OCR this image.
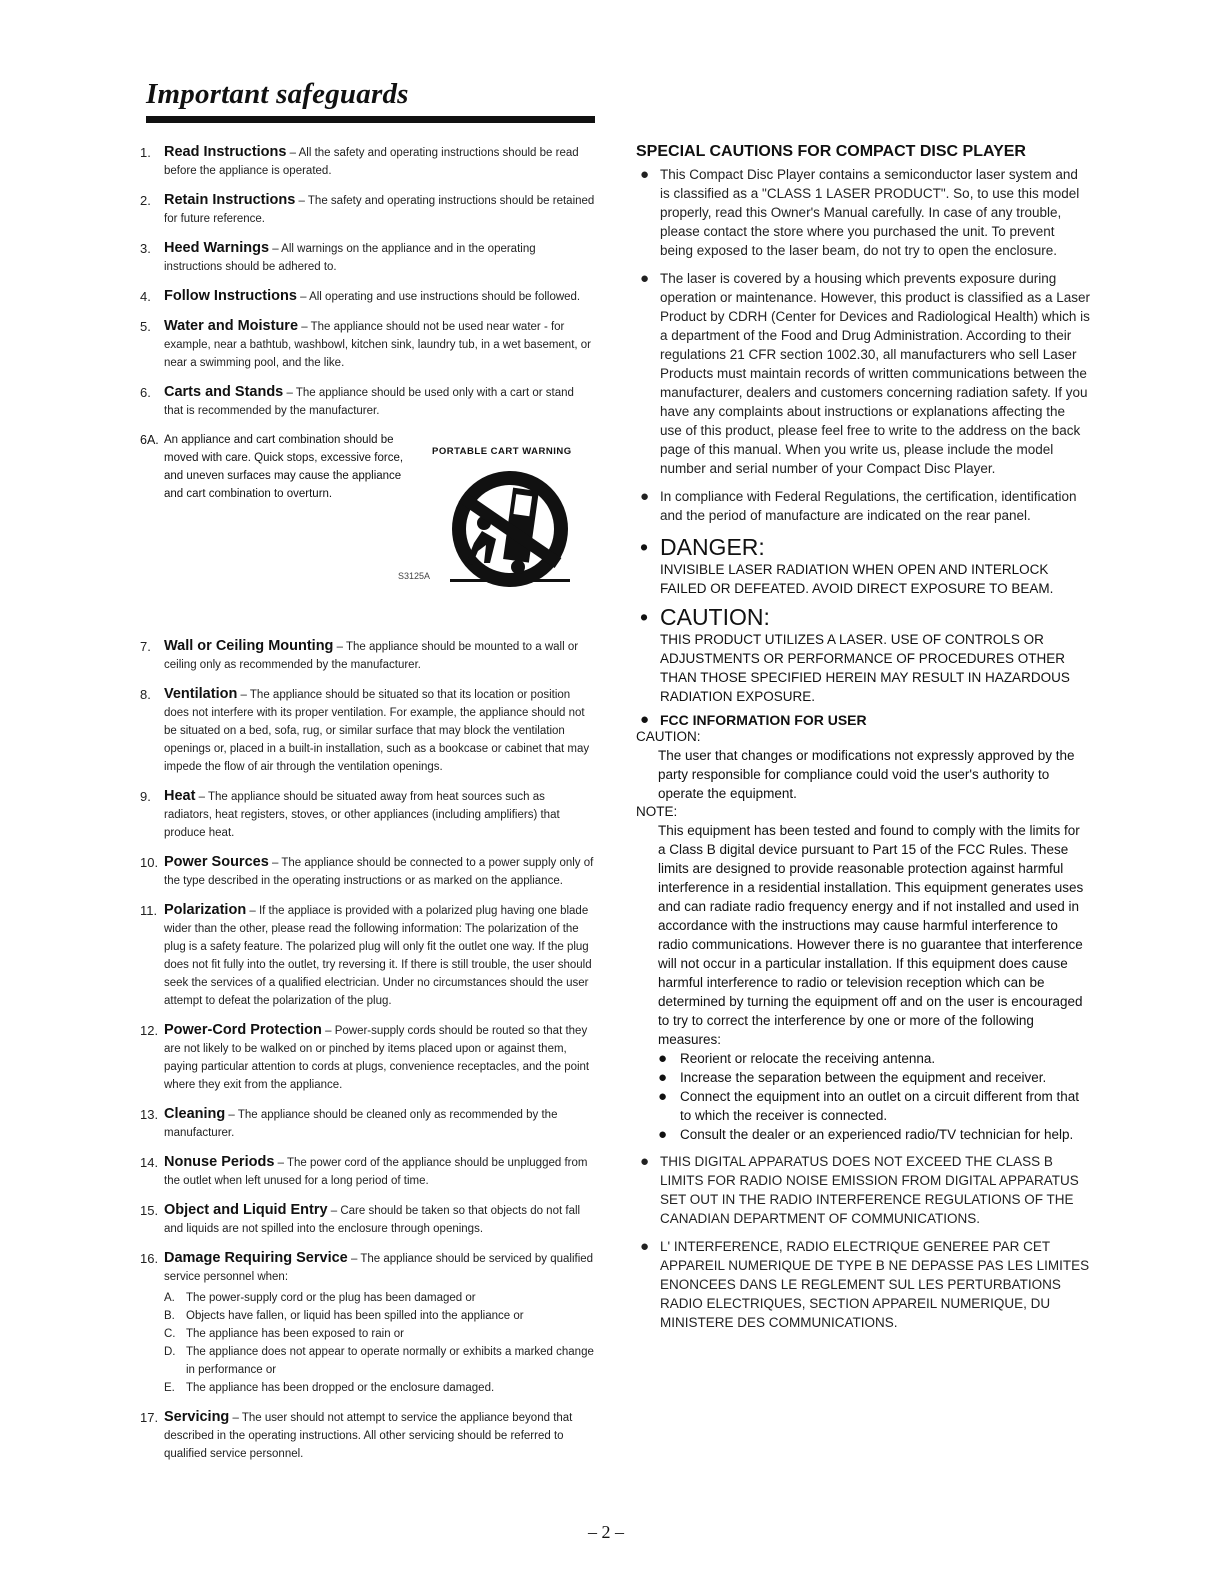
Important safeguards
1. Read Instructions – All the safety and operating instructions should be read before the appliance is operated.
2. Retain Instructions – The safety and operating instructions should be retained for future reference.
3. Heed Warnings – All warnings on the appliance and in the operating instructions should be adhered to.
4. Follow Instructions – All operating and use instructions should be followed.
5. Water and Moisture – The appliance should not be used near water - for example, near a bathtub, washbowl, kitchen sink, laundry tub, in a wet basement, or near a swimming pool, and the like.
6. Carts and Stands – The appliance should be used only with a cart or stand that is recommended by the manufacturer.
6A. An appliance and cart combination should be moved with care. Quick stops, excessive force, and uneven surfaces may cause the appliance and cart combination to overturn.
PORTABLE CART WARNING
S3125A
7. Wall or Ceiling Mounting – The appliance should be mounted to a wall or ceiling only as recommended by the manufacturer.
8. Ventilation – The appliance should be situated so that its location or position does not interfere with its proper ventilation. For example, the appliance should not be situated on a bed, sofa, rug, or similar surface that may block the ventilation openings or, placed in a built-in installation, such as a bookcase or cabinet that may impede the flow of air through the ventilation openings.
9. Heat – The appliance should be situated away from heat sources such as radiators, heat registers, stoves, or other appliances (including amplifiers) that produce heat.
10. Power Sources – The appliance should be connected to a power supply only of the type described in the operating instructions or as marked on the appliance.
11. Polarization – If the appliace is provided with a polarized plug having one blade wider than the other, please read the following information: The polarization of the plug is a safety feature. The polarized plug will only fit the outlet one way. If the plug does not fit fully into the outlet, try reversing it. If there is still trouble, the user should seek the services of a qualified electrician. Under no circumstances should the user attempt to defeat the polarization of the plug.
12. Power-Cord Protection – Power-supply cords should be routed so that they are not likely to be walked on or pinched by items placed upon or against them, paying particular attention to cords at plugs, convenience receptacles, and the point where they exit from the appliance.
13. Cleaning – The appliance should be cleaned only as recommended by the manufacturer.
14. Nonuse Periods – The power cord of the appliance should be unplugged from the outlet when left unused for a long period of time.
15. Object and Liquid Entry – Care should be taken so that objects do not fall and liquids are not spilled into the enclosure through openings.
16. Damage Requiring Service – The appliance should be serviced by qualified service personnel when:
A. The power-supply cord or the plug has been damaged or
B. Objects have fallen, or liquid has been spilled into the appliance or
C. The appliance has been exposed to rain or
D. The appliance does not appear to operate normally or exhibits a marked change in performance or
E. The appliance has been dropped or the enclosure damaged.
17. Servicing – The user should not attempt to service the appliance beyond that described in the operating instructions. All other servicing should be referred to qualified service personnel.
SPECIAL CAUTIONS FOR COMPACT DISC PLAYER
● This Compact Disc Player contains a semiconductor laser system and is classified as a "CLASS 1 LASER PRODUCT". So, to use this model properly, read this Owner's Manual carefully. In case of any trouble, please contact the store where you purchased the unit. To prevent being exposed to the laser beam, do not try to open the enclosure.
● The laser is covered by a housing which prevents exposure during operation or maintenance. However, this product is classified as a Laser Product by CDRH (Center for Devices and Radiological Health) which is a department of the Food and Drug Administration. According to their regulations 21 CFR section 1002.30, all manufacturers who sell Laser Products must maintain records of written communications between the manufacturer, dealers and customers concerning radiation safety. If you have any complaints about instructions or explanations affecting the use of this product, please feel free to write to the address on the back page of this manual. When you write us, please include the model number and serial number of your Compact Disc Player.
● In compliance with Federal Regulations, the certification, identification and the period of manufacture are indicated on the rear panel.
• DANGER:
INVISIBLE LASER RADIATION WHEN OPEN AND INTERLOCK FAILED OR DEFEATED. AVOID DIRECT EXPOSURE TO BEAM.
• CAUTION:
THIS PRODUCT UTILIZES A LASER. USE OF CONTROLS OR ADJUSTMENTS OR PERFORMANCE OF PROCEDURES OTHER THAN THOSE SPECIFIED HEREIN MAY RESULT IN HAZARDOUS RADIATION EXPOSURE.
● FCC INFORMATION FOR USER
CAUTION:
The user that changes or modifications not expressly approved by the party responsible for compliance could void the user's authority to operate the equipment.
NOTE:
This equipment has been tested and found to comply with the limits for a Class B digital device pursuant to Part 15 of the FCC Rules. These limits are designed to provide reasonable protection against harmful interference in a residential installation. This equipment generates uses and can radiate radio frequency energy and if not installed and used in accordance with the instructions may cause harmful interference to radio communications. However there is no guarantee that interference will not occur in a particular installation. If this equipment does cause harmful interference to radio or television reception which can be determined by turning the equipment off and on the user is encouraged to try to correct the interference by one or more of the following measures:
● Reorient or relocate the receiving antenna.
● Increase the separation between the equipment and receiver.
● Connect the equipment into an outlet on a circuit different from that to which the receiver is connected.
● Consult the dealer or an experienced radio/TV technician for help.
● THIS DIGITAL APPARATUS DOES NOT EXCEED THE CLASS B LIMITS FOR RADIO NOISE EMISSION FROM DIGITAL APPARATUS SET OUT IN THE RADIO INTERFERENCE REGULATIONS OF THE CANADIAN DEPARTMENT OF COMMUNICATIONS.
● L' INTERFERENCE, RADIO ELECTRIQUE GENEREE PAR CET APPAREIL NUMERIQUE DE TYPE B NE DEPASSE PAS LES LIMITES ENONCEES DANS LE REGLEMENT SUL LES PERTURBATIONS RADIO ELECTRIQUES, SECTION APPAREIL NUMERIQUE, DU MINISTERE DES COMMUNICATIONS.
– 2 –
